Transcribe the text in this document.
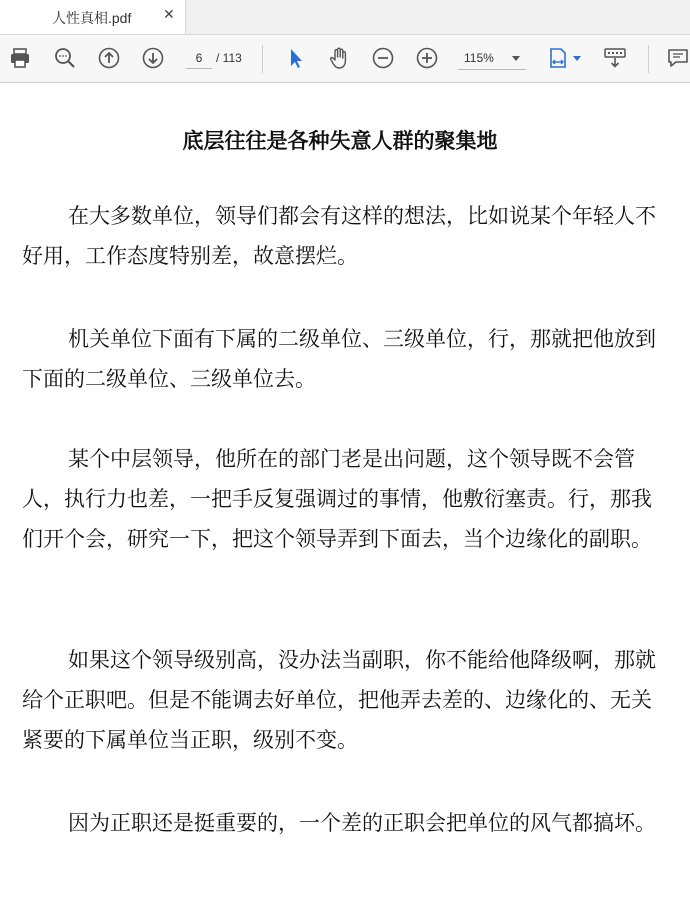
人性真相.pdf ✕
6
/ 113	115%
底层往往是各种失意人群的聚集地

在大多数单位，领导们都会有这样的想法，比如说某个年轻人不好用，工作态度特别差，故意摆烂。

机关单位下面有下属的二级单位、三级单位，行，那就把他放到下面的二级单位、三级单位去。

某个中层领导，他所在的部门老是出问题，这个领导既不会管人，执行力也差，一把手反复强调过的事情，他敷衍塞责。行，那我们开个会，研究一下，把这个领导弄到下面去，当个边缘化的副职。

如果这个领导级别高，没办法当副职，你不能给他降级啊，那就给个正职吧。但是不能调去好单位，把他弄去差的、边缘化的、无关紧要的下属单位当正职，级别不变。

因为正职还是挺重要的，一个差的正职会把单位的风气都搞坏。
